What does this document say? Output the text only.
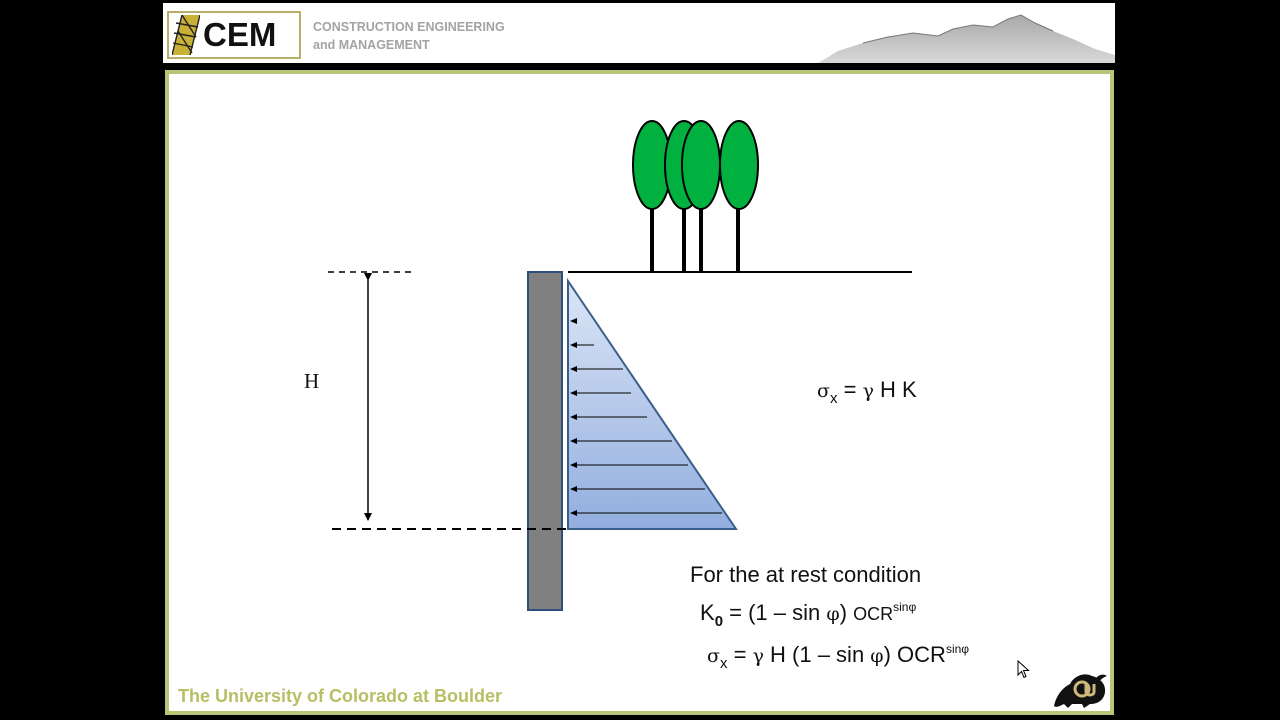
CEM	CONSTRUCTION ENGINEERING
and MANAGEMENT
H	$\sigma_x = \gamma$ H K
For the at rest condition
$K_0 = (1 - \sin \varphi)$ $OCR^{sin\varphi}$
$\sigma_x = \gamma$ H (1 – sin φ) $OCR^{sin\varphi}$
The University of Colorado at Boulder
